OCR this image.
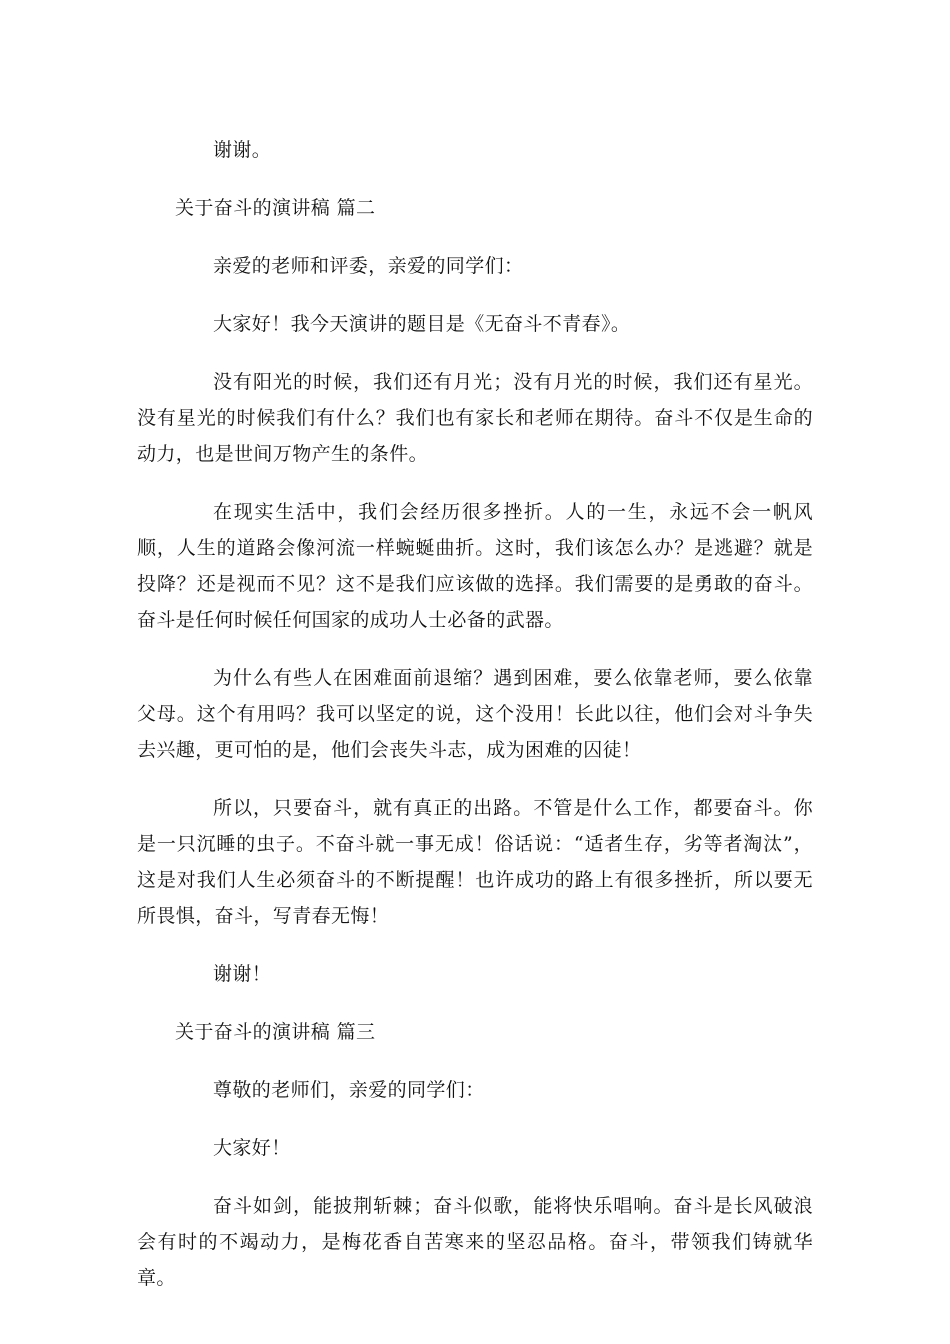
谢谢。

关于奋斗的演讲稿 篇二

亲爱的老师和评委，亲爱的同学们：

大家好！我今天演讲的题目是《无奋斗不青春》。

没有阳光的时候，我们还有月光；没有月光的时候，我们还有星光。没有星光的时候我们有什么？我们也有家长和老师在期待。奋斗不仅是生命的动力，也是世间万物产生的条件。

在现实生活中，我们会经历很多挫折。人的一生，永远不会一帆风顺，人生的道路会像河流一样蜿蜒曲折。这时，我们该怎么办？是逃避？就是投降？还是视而不见？这不是我们应该做的选择。我们需要的是勇敢的奋斗。奋斗是任何时候任何国家的成功人士必备的武器。

为什么有些人在困难面前退缩？遇到困难，要么依靠老师，要么依靠父母。这个有用吗？我可以坚定的说，这个没用！长此以往，他们会对斗争失去兴趣，更可怕的是，他们会丧失斗志，成为困难的囚徒！

所以，只要奋斗，就有真正的出路。不管是什么工作，都要奋斗。你是一只沉睡的虫子。不奋斗就一事无成！俗话说：“适者生存，劣等者淘汰”，这是对我们人生必须奋斗的不断提醒！也许成功的路上有很多挫折，所以要无所畏惧，奋斗，写青春无悔！

谢谢！

关于奋斗的演讲稿 篇三

尊敬的老师们，亲爱的同学们：

大家好！

奋斗如剑，能披荆斩棘；奋斗似歌，能将快乐唱响。奋斗是长风破浪会有时的不竭动力，是梅花香自苦寒来的坚忍品格。奋斗，带领我们铸就华章。
